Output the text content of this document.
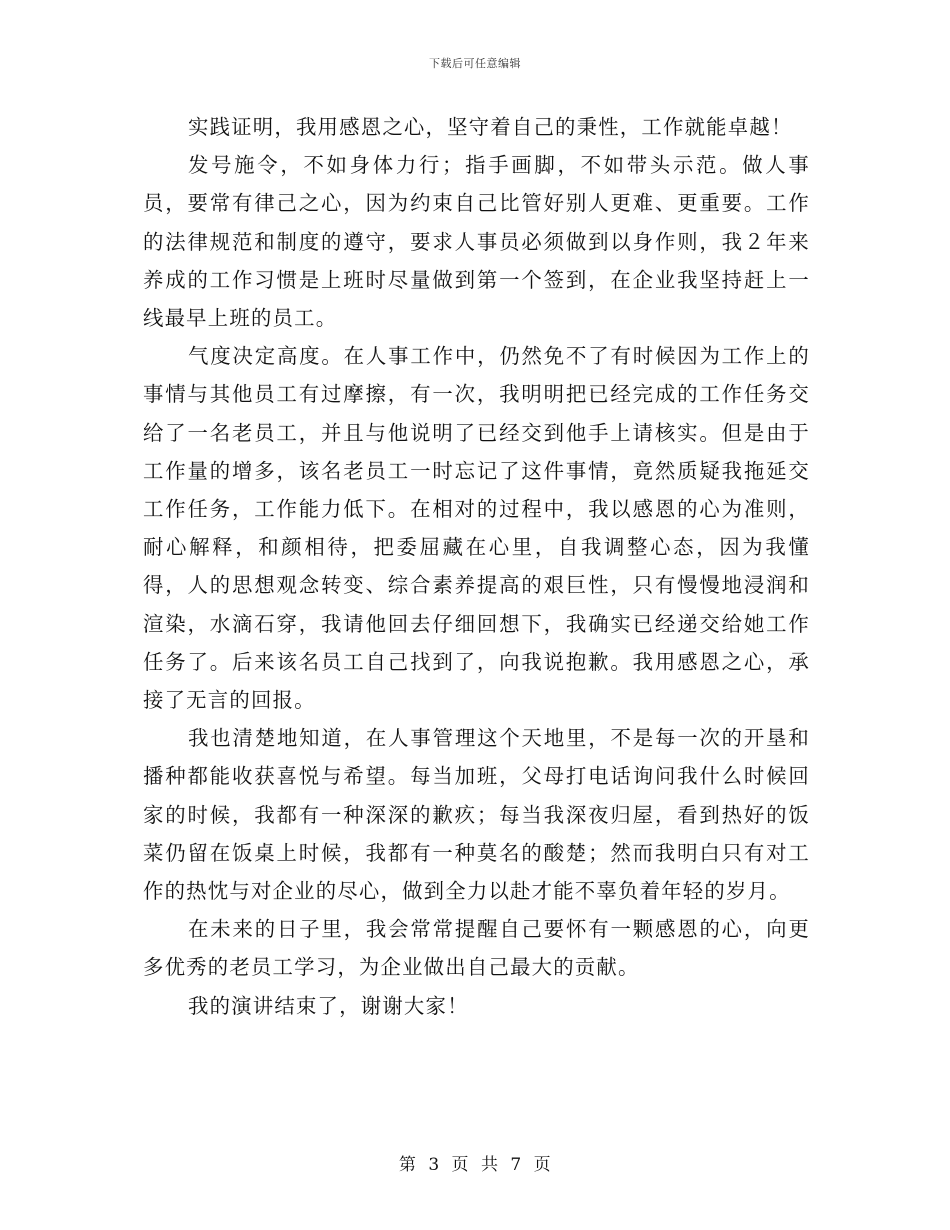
下载后可任意编辑

实践证明，我用感恩之心，坚守着自己的秉性，工作就能卓越！

发号施令，不如身体力行；指手画脚，不如带头示范。做人事员，要常有律己之心，因为约束自己比管好别人更难、更重要。工作的法律规范和制度的遵守，要求人事员必须做到以身作则，我２年来养成的工作习惯是上班时尽量做到第一个签到，在企业我坚持赶上一线最早上班的员工。

气度决定高度。在人事工作中，仍然免不了有时候因为工作上的事情与其他员工有过摩擦，有一次，我明明把已经完成的工作任务交给了一名老员工，并且与他说明了已经交到他手上请核实。但是由于工作量的增多，该名老员工一时忘记了这件事情，竟然质疑我拖延交工作任务，工作能力低下。在相对的过程中，我以感恩的心为准则，耐心解释，和颜相待，把委屈藏在心里，自我调整心态，因为我懂得，人的思想观念转变、综合素养提高的艰巨性，只有慢慢地浸润和渲染，水滴石穿，我请他回去仔细回想下，我确实已经递交给她工作任务了。后来该名员工自己找到了，向我说抱歉。我用感恩之心，承接了无言的回报。

我也清楚地知道，在人事管理这个天地里，不是每一次的开垦和播种都能收获喜悦与希望。每当加班，父母打电话询问我什么时候回家的时候，我都有一种深深的歉疚；每当我深夜归屋，看到热好的饭菜仍留在饭桌上时候，我都有一种莫名的酸楚；然而我明白只有对工作的热忱与对企业的尽心，做到全力以赴才能不辜负着年轻的岁月。

在未来的日子里，我会常常提醒自己要怀有一颗感恩的心，向更多优秀的老员工学习，为企业做出自己最大的贡献。

我的演讲结束了，谢谢大家！

第 3 页 共 7 页
